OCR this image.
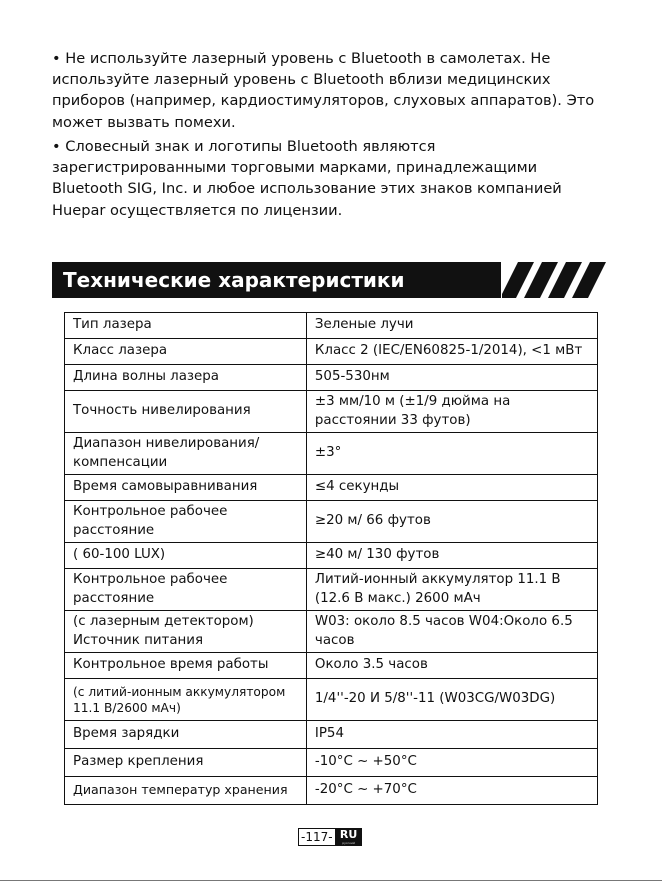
• Не используйте лазерный уровень с Bluetooth в самолетах. Не используйте лазерный уровень с Bluetooth вблизи медицинских приборов (например, кардиостимуляторов, слуховых аппаратов). Это может вызвать помехи.
• Словесный знак и логотипы Bluetooth являются зарегистрированными торговыми марками, принадлежащими Bluetooth SIG, Inc. и любое использование этих знаков компанией Huepar осуществляется по лицензии.
Технические характеристики
Тип лазера	Зеленые лучи
Класс лазера	Класс 2 (IEC/EN60825-1/2014), <1 мВт
Длина волны лазера	505-530нм
Точность нивелирования	±3 мм/10 м (±1/9 дюйма на расстоянии 33 футов)
Диапазон нивелирования/ компенсации	±3°
Время самовыравнивания	≤4 секунды
Контрольное рабочее расстояние	≥20 м/ 66 футов
( 60-100 LUX)	≥40 м/ 130 футов
Контрольное рабочее расстояние	Литий-ионный аккумулятор 11.1 В (12.6 В макс.) 2600 мАч
(с лазерным детектором) Источник питания	W03: около 8.5 часов W04:Около 6.5 часов
Контрольное время работы	Около 3.5 часов
(с литий-ионным аккумулятором 11.1 В/2600 мАч)	1/4''-20 И 5/8''-11 (W03CG/W03DG)
Время зарядки	IP54
Размер крепления	-10°C ~ +50°C
Диапазон температур хранения	-20°C ~ +70°C
-117- RU
русский
